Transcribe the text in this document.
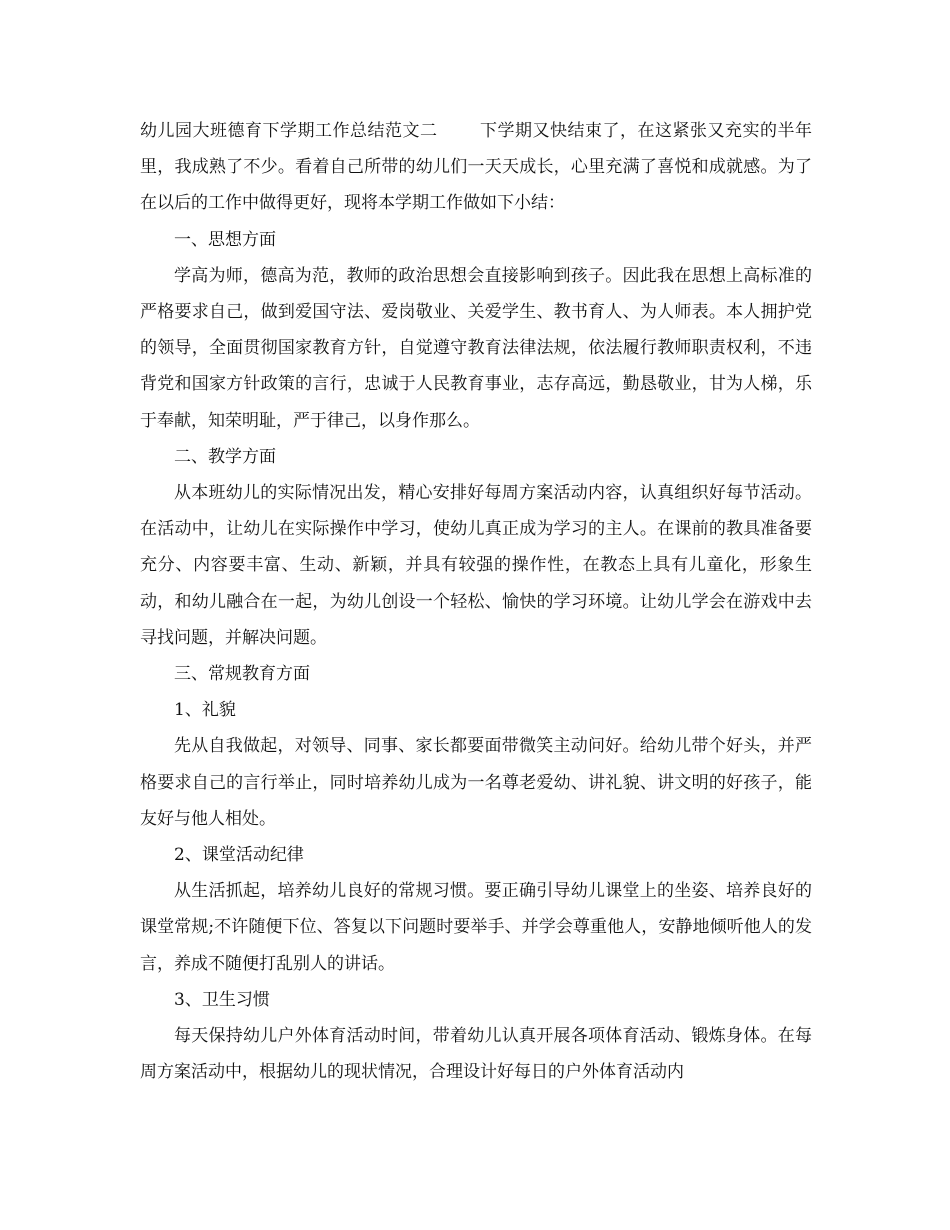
幼儿园大班德育下学期工作总结范文二 下学期又快结束了，在这紧张又充实的半年里，我成熟了不少。看着自己所带的幼儿们一天天成长，心里充满了喜悦和成就感。为了在以后的工作中做得更好，现将本学期工作做如下小结：

一、思想方面

学高为师，德高为范，教师的政治思想会直接影响到孩子。因此我在思想上高标准的严格要求自己，做到爱国守法、爱岗敬业、关爱学生、教书育人、为人师表。本人拥护党的领导，全面贯彻国家教育方针，自觉遵守教育法律法规，依法履行教师职责权利，不违背党和国家方针政策的言行，忠诚于人民教育事业，志存高远，勤恳敬业，甘为人梯，乐于奉献，知荣明耻，严于律己，以身作那么。

二、教学方面

从本班幼儿的实际情况出发，精心安排好每周方案活动内容，认真组织好每节活动。在活动中，让幼儿在实际操作中学习，使幼儿真正成为学习的主人。在课前的教具准备要充分、内容要丰富、生动、新颖，并具有较强的操作性，在教态上具有儿童化，形象生动，和幼儿融合在一起，为幼儿创设一个轻松、愉快的学习环境。让幼儿学会在游戏中去寻找问题，并解决问题。

三、常规教育方面

1、礼貌

先从自我做起，对领导、同事、家长都要面带微笑主动问好。给幼儿带个好头，并严格要求自己的言行举止，同时培养幼儿成为一名尊老爱幼、讲礼貌、讲文明的好孩子，能友好与他人相处。

2、课堂活动纪律

从生活抓起，培养幼儿良好的常规习惯。要正确引导幼儿课堂上的坐姿、培养良好的课堂常规;不许随便下位、答复以下问题时要举手、并学会尊重他人，安静地倾听他人的发言，养成不随便打乱别人的讲话。

3、卫生习惯

每天保持幼儿户外体育活动时间，带着幼儿认真开展各项体育活动、锻炼身体。在每周方案活动中，根据幼儿的现状情况，合理设计好每日的户外体育活动内
